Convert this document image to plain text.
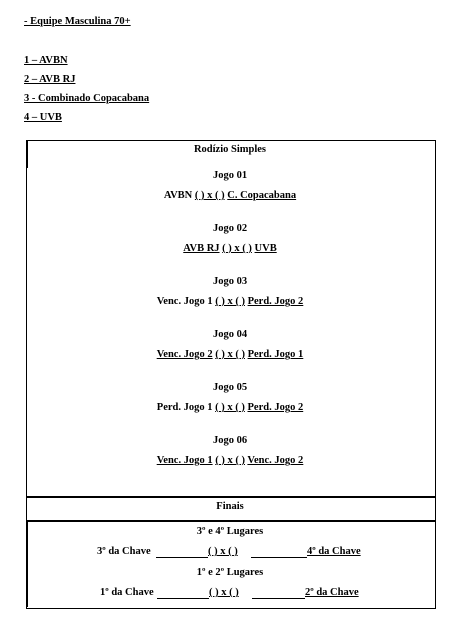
- Equipe Masculina 70+
1 – AVBN
2 – AVB RJ
3 - Combinado Copacabana
4 – UVB
Rodízio Simples
Jogo 01
AVBN ( ) x ( ) C. Copacabana
Jogo 02
AVB RJ ( ) x ( ) UVB
Jogo 03
Venc. Jogo 1 ( ) x ( ) Perd. Jogo 2
Jogo 04
Venc. Jogo 2 ( ) x ( ) Perd. Jogo 1
Jogo 05
Perd. Jogo 1 ( ) x ( ) Perd. Jogo 2
Jogo 06
Venc. Jogo 1 ( ) x ( ) Venc. Jogo 2
Finais
3º e 4º Lugares
3º da Chave	( ) x ( )	4º da Chave
1º e 2º Lugares
1º da Chave	( ) x ( )	2º da Chave
